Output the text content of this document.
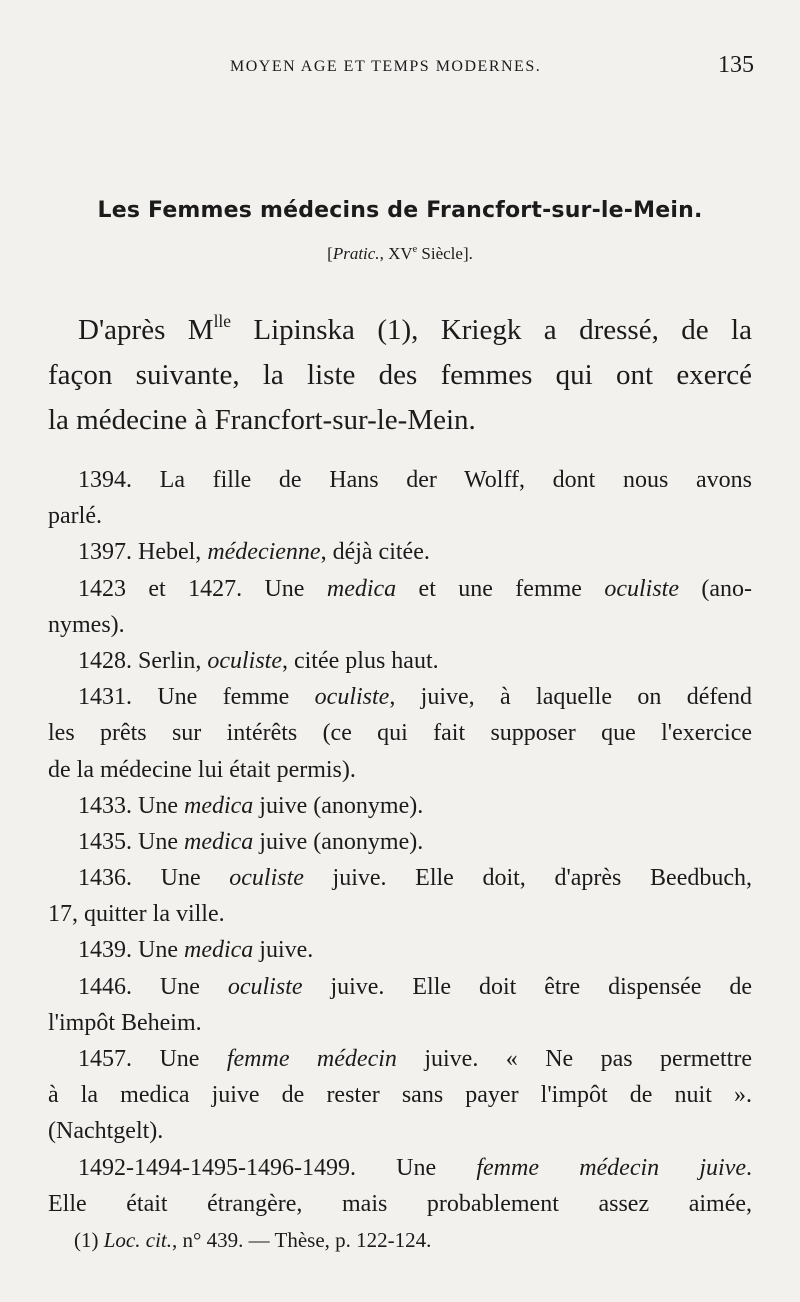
MOYEN AGE ET TEMPS MODERNES.	135
Les Femmes médecins de Francfort-sur-le-Mein.
[Pratic., XVe Siècle].
D'après $M^{lle}$ Lipinska (1), Kriegk a dressé, de la
façon suivante, la liste des femmes qui ont exercé
la médecine à Francfort-sur-le-Mein.
1394. La fille de Hans der Wolff, dont nous avons
parlé.
1397. Hebel, médecienne, déjà citée.
1423 et 1427. Une medica et une femme oculiste (ano-
nymes).
1428. Serlin, oculiste, citée plus haut.
1431. Une femme oculiste, juive, à laquelle on défend
les prêts sur intérêts (ce qui fait supposer que l'exercice
de la médecine lui était permis).
1433. Une medica juive (anonyme).
1435. Une medica juive (anonyme).
1436. Une oculiste juive. Elle doit, d'après Beedbuch,
17, quitter la ville.
1439. Une medica juive.
1446. Une oculiste juive. Elle doit être dispensée de
l'impôt Beheim.
1457. Une femme médecin juive. « Ne pas permettre
à la medica juive de rester sans payer l'impôt de nuit ».
(Nachtgelt).
1492-1494-1495-1496-1499. Une femme médecin juive.
Elle était étrangère, mais probablement assez aimée,
(1) Loc. cit., n° 439. — Thèse, p. 122-124.
